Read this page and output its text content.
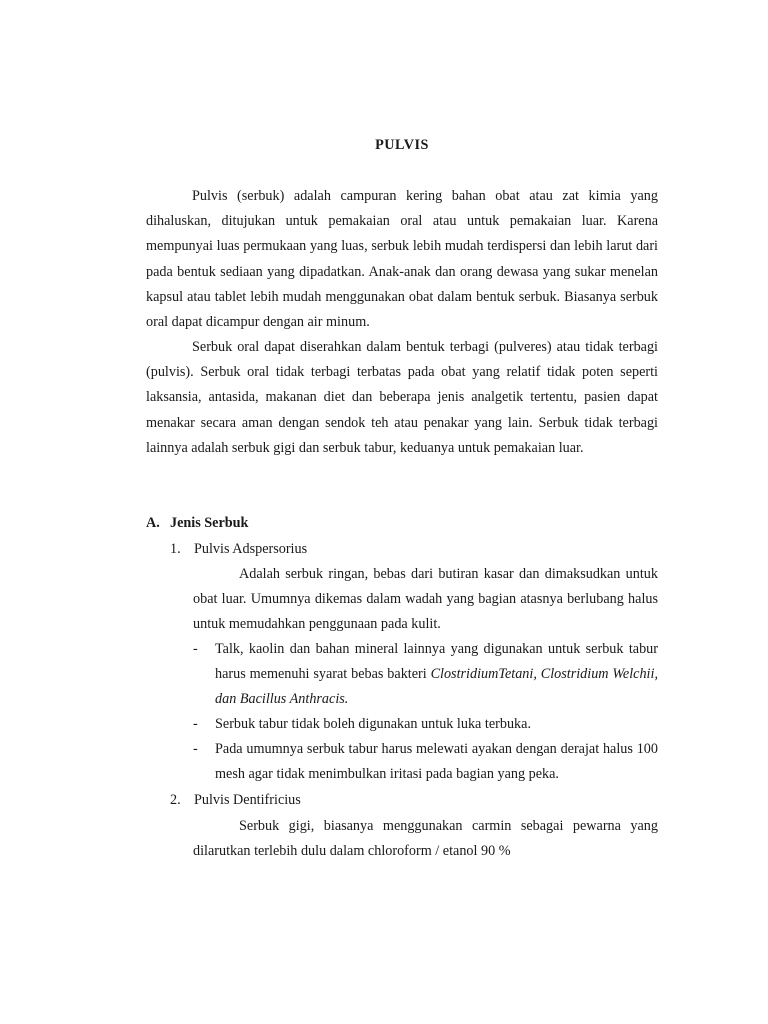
PULVIS

Pulvis (serbuk) adalah campuran kering bahan obat atau zat kimia yang dihaluskan, ditujukan untuk pemakaian oral atau untuk pemakaian luar. Karena mempunyai luas permukaan yang luas, serbuk lebih mudah terdispersi dan lebih larut dari pada bentuk sediaan yang dipadatkan. Anak-anak dan orang dewasa yang sukar menelan kapsul atau tablet lebih mudah menggunakan obat dalam bentuk serbuk. Biasanya serbuk oral dapat dicampur dengan air minum.

Serbuk oral dapat diserahkan dalam bentuk terbagi (pulveres) atau tidak terbagi (pulvis). Serbuk oral tidak terbagi terbatas pada obat yang relatif tidak poten seperti laksansia, antasida, makanan diet dan beberapa jenis analgetik tertentu, pasien dapat menakar secara aman dengan sendok teh atau penakar yang lain. Serbuk tidak terbagi lainnya adalah serbuk gigi dan serbuk tabur, keduanya untuk pemakaian luar.

A. Jenis Serbuk
1. Pulvis Adspersorius

Adalah serbuk ringan, bebas dari butiran kasar dan dimaksudkan untuk obat luar. Umumnya dikemas dalam wadah yang bagian atasnya berlubang halus untuk memudahkan penggunaan pada kulit.

- Talk, kaolin dan bahan mineral lainnya yang digunakan untuk serbuk tabur harus memenuhi syarat bebas bakteri ClostridiumTetani, Clostridium Welchii, dan Bacillus Anthracis.
- Serbuk tabur tidak boleh digunakan untuk luka terbuka.
- Pada umumnya serbuk tabur harus melewati ayakan dengan derajat halus 100 mesh agar tidak menimbulkan iritasi pada bagian yang peka.
2. Pulvis Dentifricius

Serbuk gigi, biasanya menggunakan carmin sebagai pewarna yang dilarutkan terlebih dulu dalam chloroform / etanol 90 %
